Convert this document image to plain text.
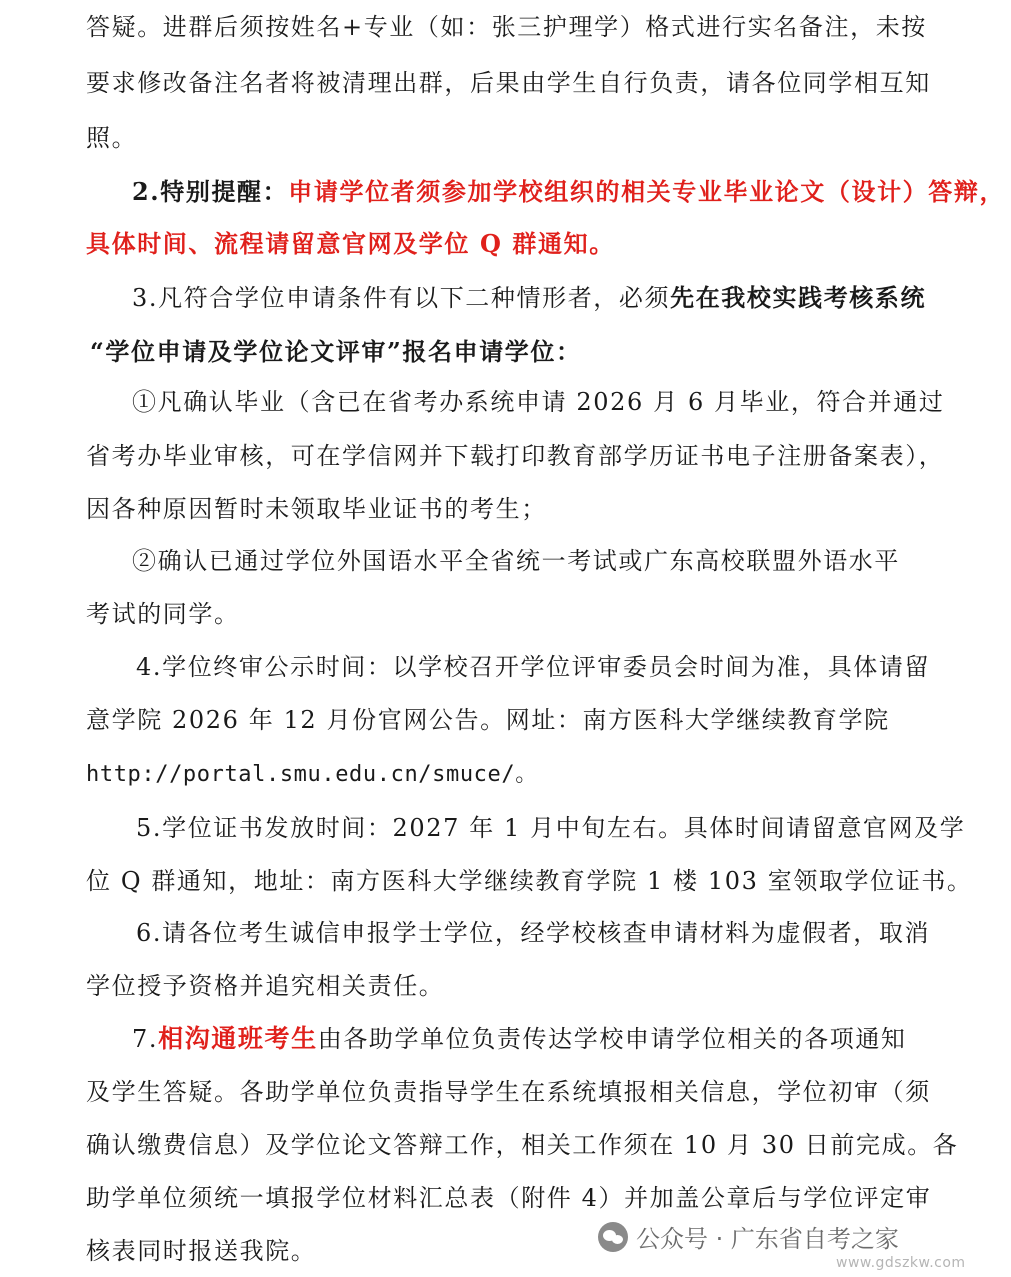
答疑。进群后须按姓名+专业（如：张三护理学）格式进行实名备注，未按
要求修改备注名者将被清理出群，后果由学生自行负责，请各位同学相互知
照。
2.特别提醒：申请学位者须参加学校组织的相关专业毕业论文（设计）答辩，
具体时间、流程请留意官网及学位 Q 群通知。
3.凡符合学位申请条件有以下二种情形者，必须先在我校实践考核系统
“学位申请及学位论文评审”报名申请学位：
①凡确认毕业（含已在省考办系统申请 2026 月 6 月毕业，符合并通过
省考办毕业审核，可在学信网并下载打印教育部学历证书电子注册备案表），
因各种原因暂时未领取毕业证书的考生；
②确认已通过学位外国语水平全省统一考试或广东高校联盟外语水平
考试的同学。
4.学位终审公示时间：以学校召开学位评审委员会时间为准，具体请留
意学院 2026 年 12 月份官网公告。网址：南方医科大学继续教育学院
http://portal.smu.edu.cn/smuce/。
5.学位证书发放时间：2027 年 1 月中旬左右。具体时间请留意官网及学
位 Q 群通知，地址：南方医科大学继续教育学院 1 楼 103 室领取学位证书。
6.请各位考生诚信申报学士学位，经学校核查申请材料为虚假者，取消
学位授予资格并追究相关责任。
7.相沟通班考生由各助学单位负责传达学校申请学位相关的各项通知
及学生答疑。各助学单位负责指导学生在系统填报相关信息，学位初审（须
确认缴费信息）及学位论文答辩工作，相关工作须在 10 月 30 日前完成。各
助学单位须统一填报学位材料汇总表（附件 4）并加盖公章后与学位评定审
核表同时报送我院。	公众号 · 广东省自考之家
www.gdszkw.com
